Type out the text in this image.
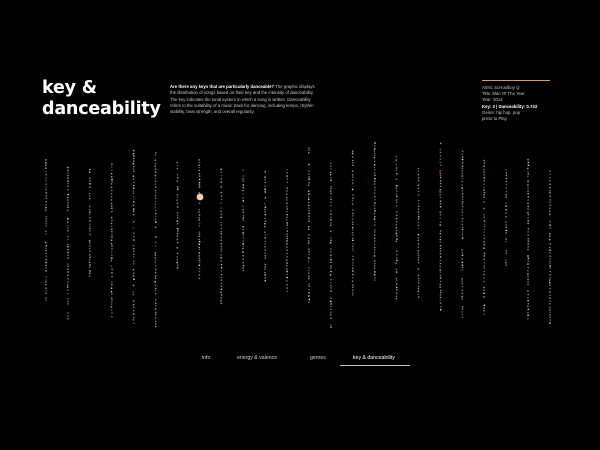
key &
danceability

Are there any keys that are particularly danceable? The graphic displays the distribution of songs based on their key and the intensity of danceability. The key indicates the tonal system in which a song is written. Danceability refers to the suitability of a music track for dancing, including tempo, rhythm stability, beat strength, and overall regularity.

Artist: ScHoolboy Q
Title: Man Of The Year
Year: 2014
Key: 3 | Danceability: 0.743
Genre: hip hop, pop
press to Play
info	energy & valence	genres	key & danceability
